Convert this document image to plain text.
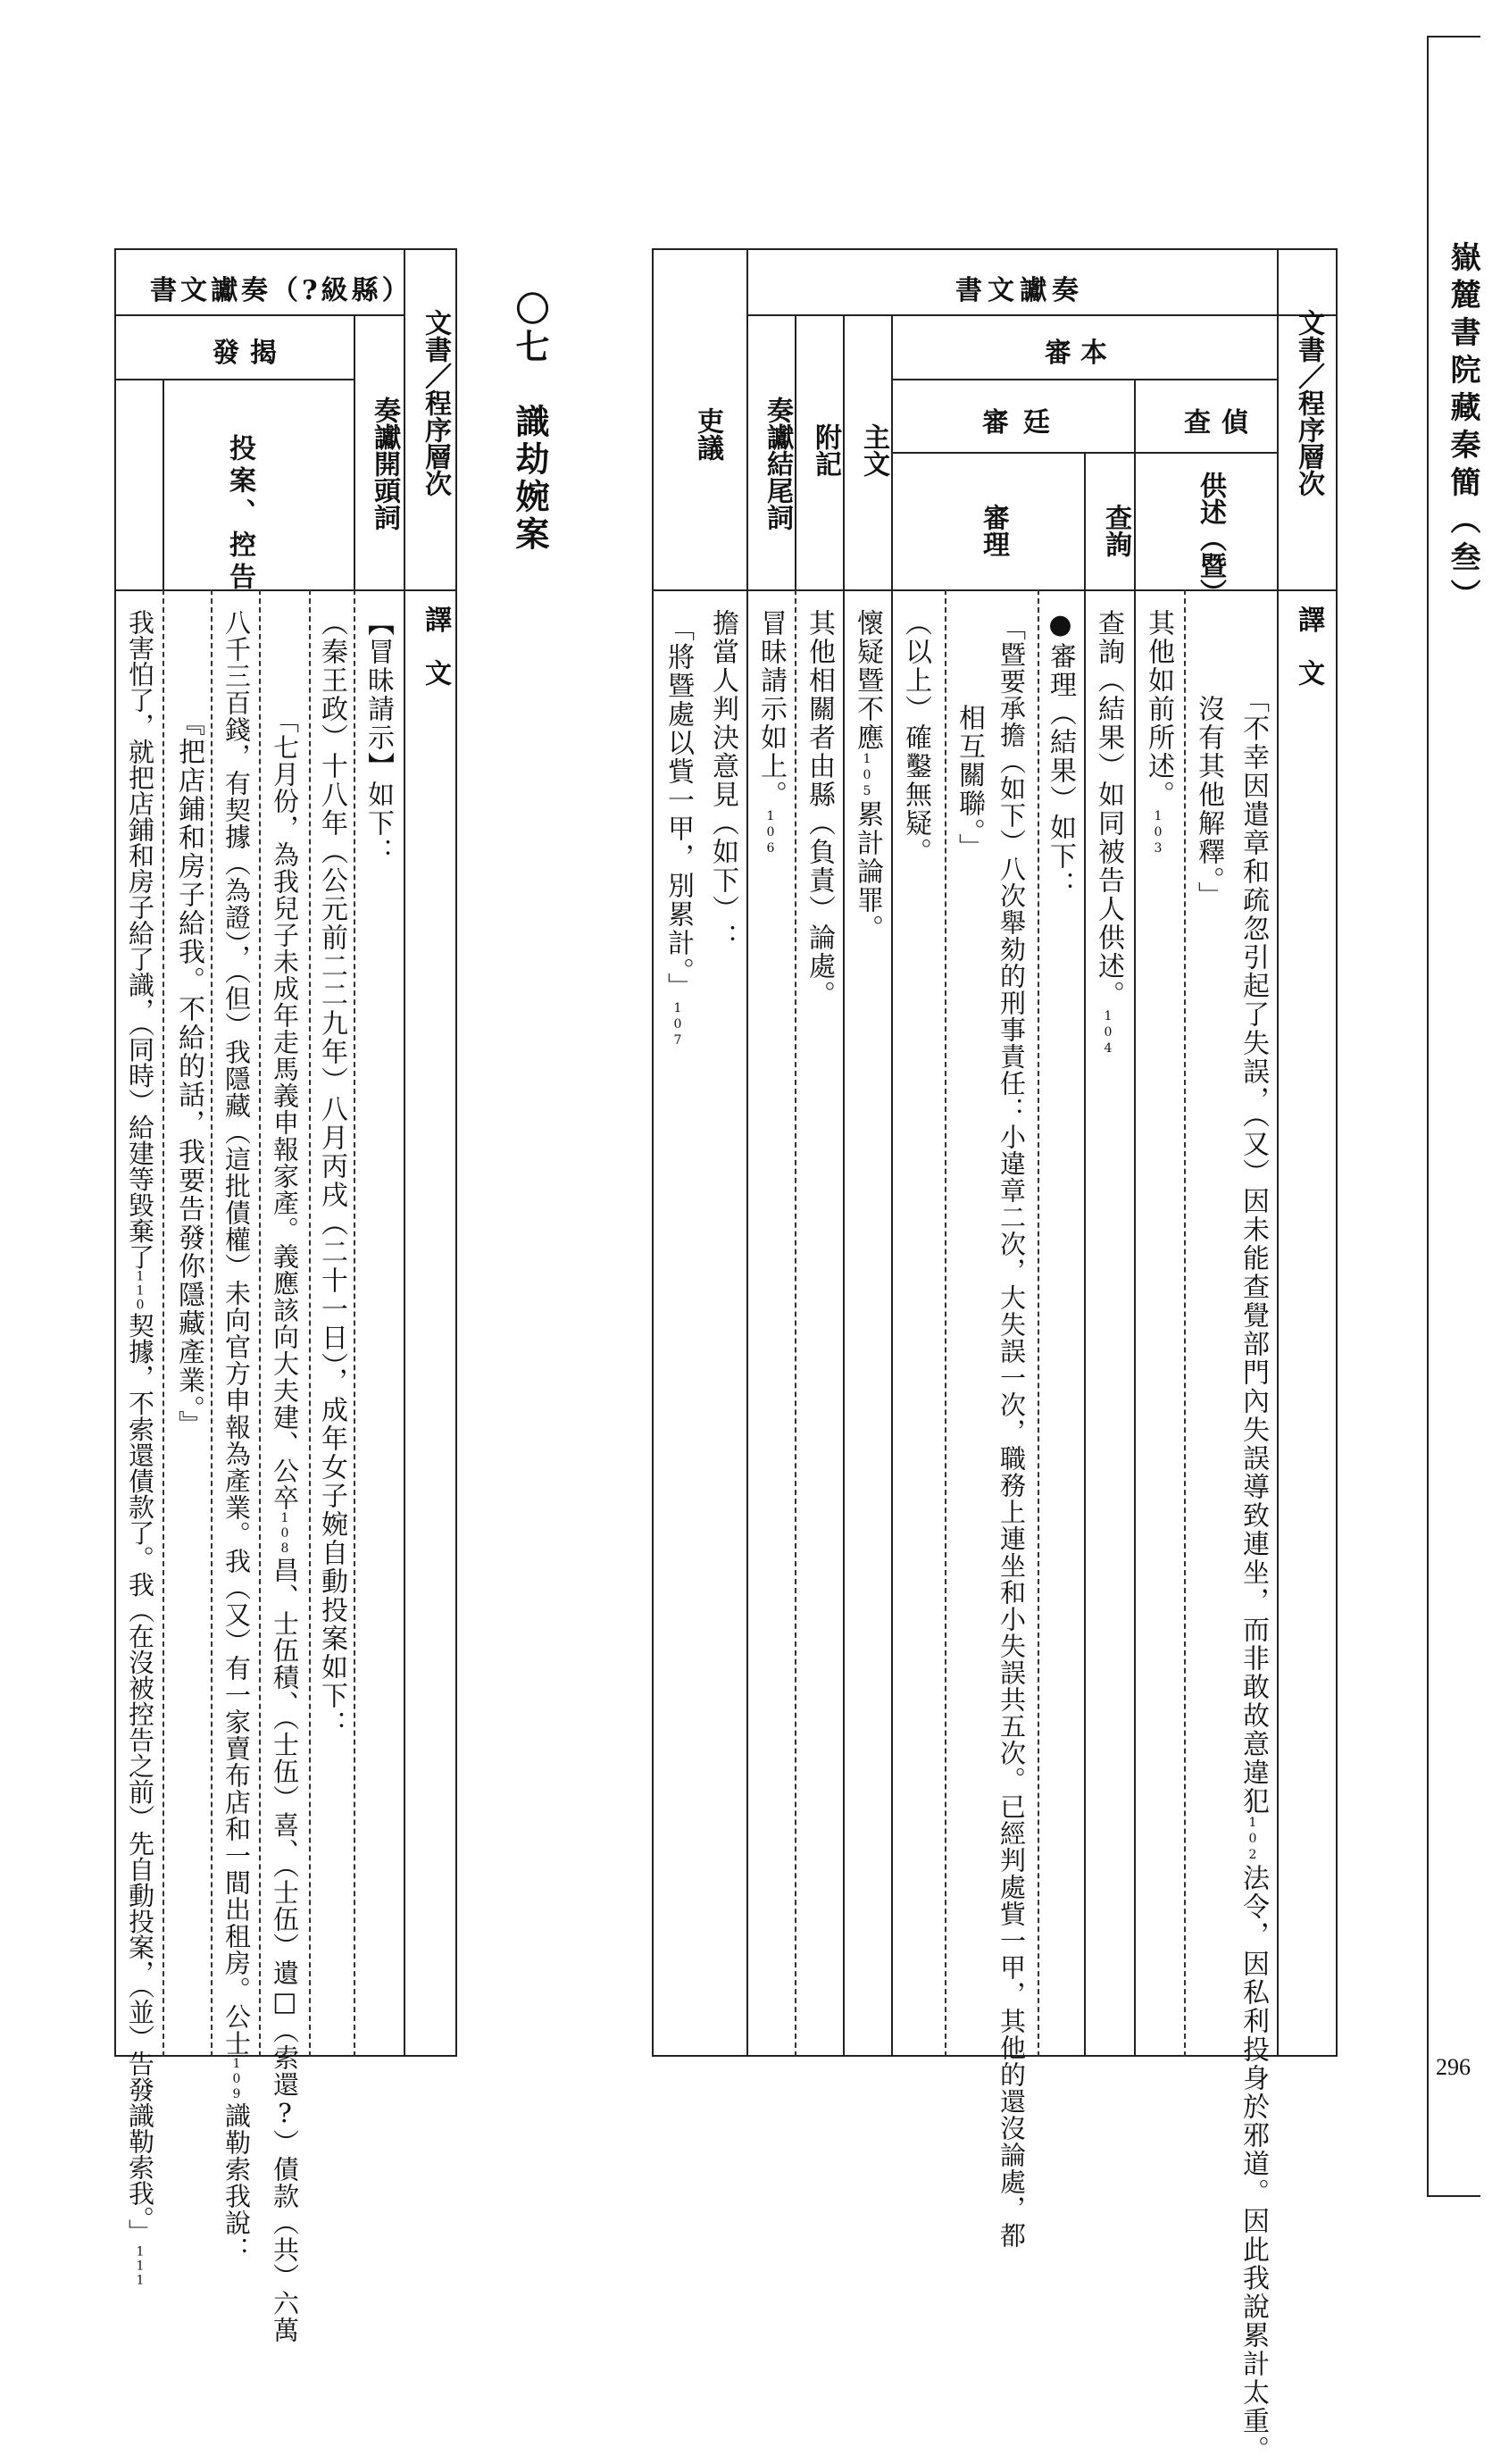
嶽麓書院藏秦簡（叁）
296
文書／程序層次
譯　文
書文讞奏
審本
審廷	查偵
供述（暨）
查詢
審理
主文
附記
奏讞結尾詞
吏議
「不幸因遣章和疏忽引起了失誤，（又）因未能查覺部門內失誤導致連坐，而非敢故意違犯102法令，因私利投身於邪道。因此我說累計太重。
沒有其他解釋。」
其他如前所述。103
查詢（結果）如同被告人供述。104
●審理（結果）如下：
「暨要承擔（如下）八次舉劾的刑事責任：小違章二次，大失誤一次，職務上連坐和小失誤共五次。已經判處貲一甲，其他的還沒論處，都
相互關聯。」
（以上）確鑿無疑。
懷疑暨不應105累計論罪。
其他相關者由縣（負責）論處。
冒昧請示如上。106
擔當人判決意見（如下）：
「將暨處以貲一甲，別累計。」107
〇七　識劫婉案
文書／程序層次
譯　文
書文讞奏（?級縣）
發揭
奏讞開頭詞
投案、控告
【冒昧請示】如下：
（秦王政）十八年（公元前二二九年）八月丙戌（二十一日），成年女子婉自動投案如下：
「七月份，為我兒子未成年走馬義申報家產。義應該向大夫建、公卒108昌、士伍積、（士伍）喜、（士伍）遺□（索還?）債款（共）六萬
八千三百錢，有契據（為證），（但）我隱藏（這批債權）未向官方申報為產業。我（又）有一家賣布店和一間出租房。公士109識勒索我說：
『把店鋪和房子給我。不給的話，我要告發你隱藏產業。』
我害怕了，就把店鋪和房子給了識，（同時）給建等毀棄了110契據，不索還債款了。我（在沒被控告之前）先自動投案，（並）告發識勒索我。」111
